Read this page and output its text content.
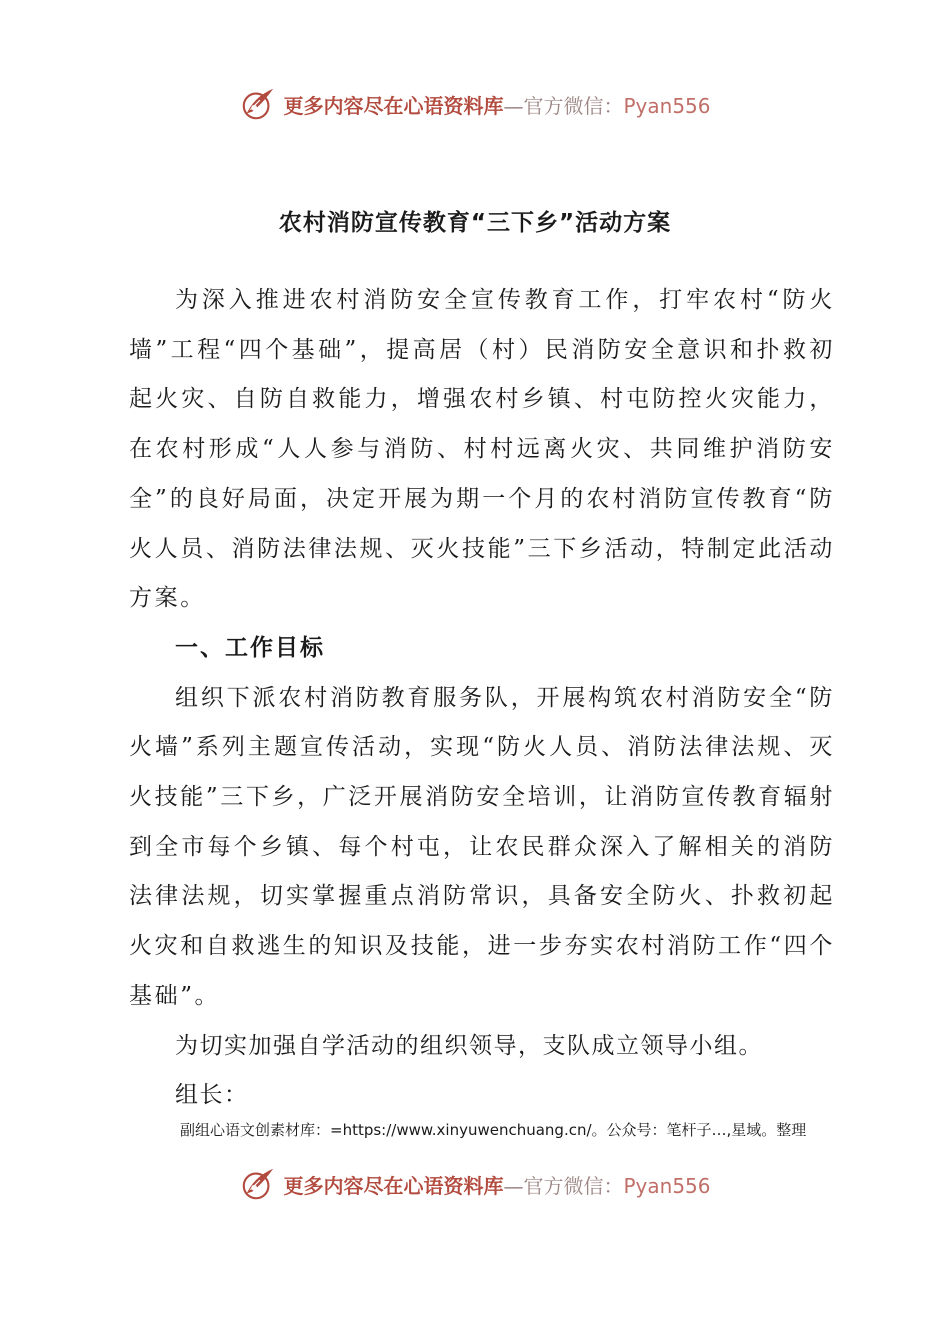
更多内容尽在心语资料库—官方微信：Pyan556
农村消防宣传教育“三下乡”活动方案

为深入推进农村消防安全宣传教育工作，打牢农村“防火墙”工程“四个基础”，提高居（村）民消防安全意识和扑救初起火灾、自防自救能力，增强农村乡镇、村屯防控火灾能力，在农村形成“人人参与消防、村村远离火灾、共同维护消防安全”的良好局面，决定开展为期一个月的农村消防宣传教育“防火人员、消防法律法规、灭火技能”三下乡活动，特制定此活动方案。

一、工作目标

组织下派农村消防教育服务队，开展构筑农村消防安全“防火墙”系列主题宣传活动，实现“防火人员、消防法律法规、灭火技能”三下乡，广泛开展消防安全培训，让消防宣传教育辐射到全市每个乡镇、每个村屯，让农民群众深入了解相关的消防法律法规，切实掌握重点消防常识，具备安全防火、扑救初起火灾和自救逃生的知识及技能，进一步夯实农村消防工作“四个基础”。

为切实加强自学活动的组织领导，支队成立领导小组。

组长：

副组心语文创素材库：=https://www.xinyuwenchuang.cn/。公众号：笔杆子…,星域。整理
更多内容尽在心语资料库—官方微信：Pyan556
